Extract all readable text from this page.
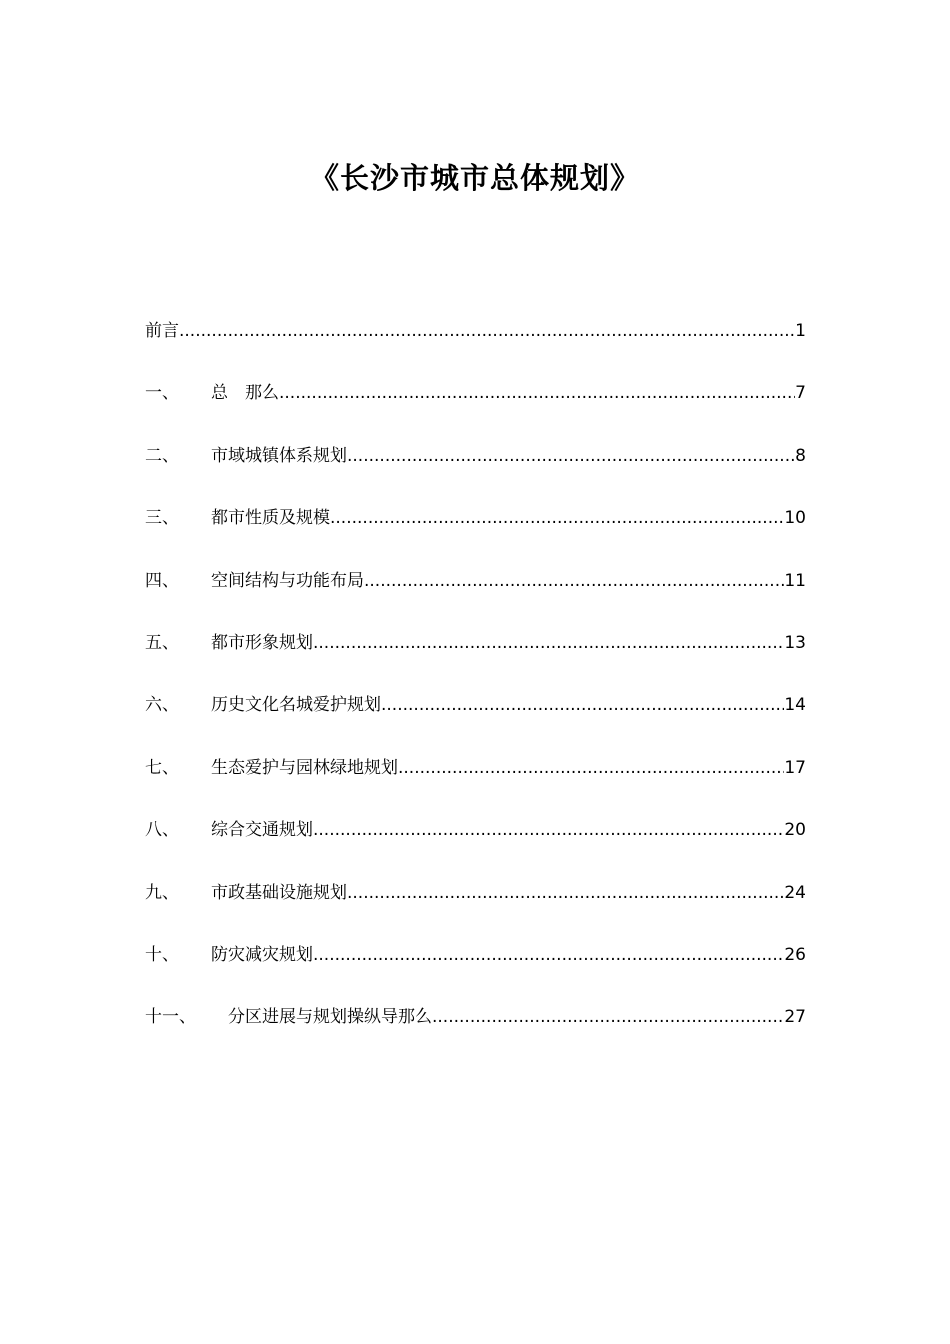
《长沙市城市总体规划》
前言 .....	1
一、	总　那么 .....	7
二、	市域城镇体系规划 .....	8
三、	都市性质及规模 .....	10
四、	空间结构与功能布局 .....	11
五、	都市形象规划 .....	13
六、	历史文化名城爱护规划 .....	14
七、	生态爱护与园林绿地规划 .....	17
八、	综合交通规划 .....	20
九、	市政基础设施规划 .....	24
十、	防灾减灾规划 .....	26
十一、	分区进展与规划操纵导那么 .....	27
